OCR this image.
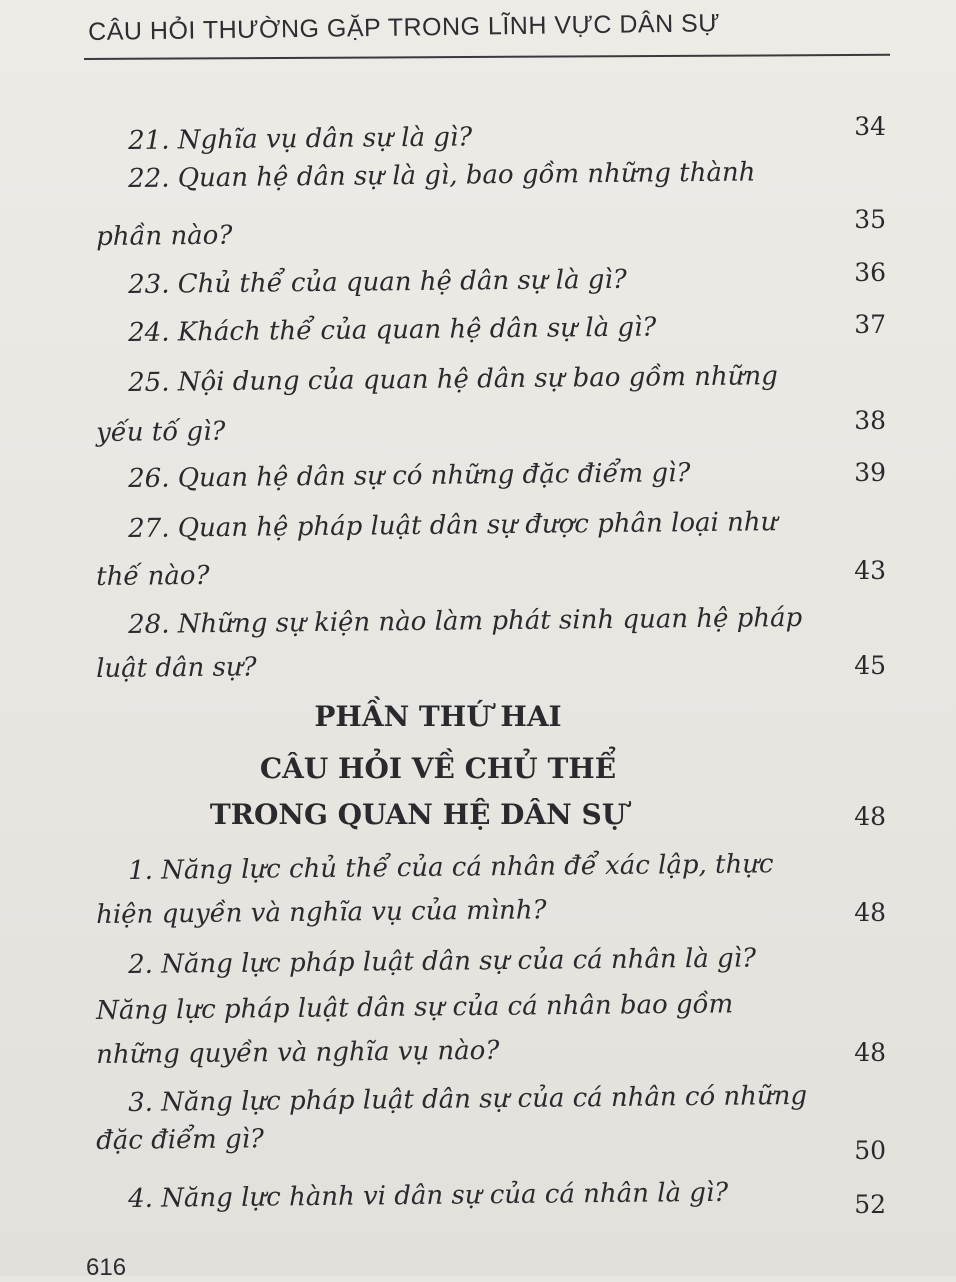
CÂU HỎI THƯỜNG GẶP TRONG LĨNH VỰC DÂN SỰ
21. Nghĩa vụ dân sự là gì?	34
22. Quan hệ dân sự là gì, bao gồm những thành
phần nào?
35
23. Chủ thể của quan hệ dân sự là gì?	36
24. Khách thể của quan hệ dân sự là gì?	37
25. Nội dung của quan hệ dân sự bao gồm những
yếu tố gì?	38
26. Quan hệ dân sự có những đặc điểm gì?	39
27. Quan hệ pháp luật dân sự được phân loại như
thế nào?	43
28. Những sự kiện nào làm phát sinh quan hệ pháp
luật dân sự?	45
PHẦN THỨ HAI
CÂU HỎI VỀ CHỦ THỂ
TRONG QUAN HỆ DÂN SỰ	48
1. Năng lực chủ thể của cá nhân để xác lập, thực
hiện quyền và nghĩa vụ của mình?	48
2. Năng lực pháp luật dân sự của cá nhân là gì?
Năng lực pháp luật dân sự của cá nhân bao gồm
những quyền và nghĩa vụ nào?	48
3. Năng lực pháp luật dân sự của cá nhân có những
đặc điểm gì?	50
4. Năng lực hành vi dân sự của cá nhân là gì?	52
616
